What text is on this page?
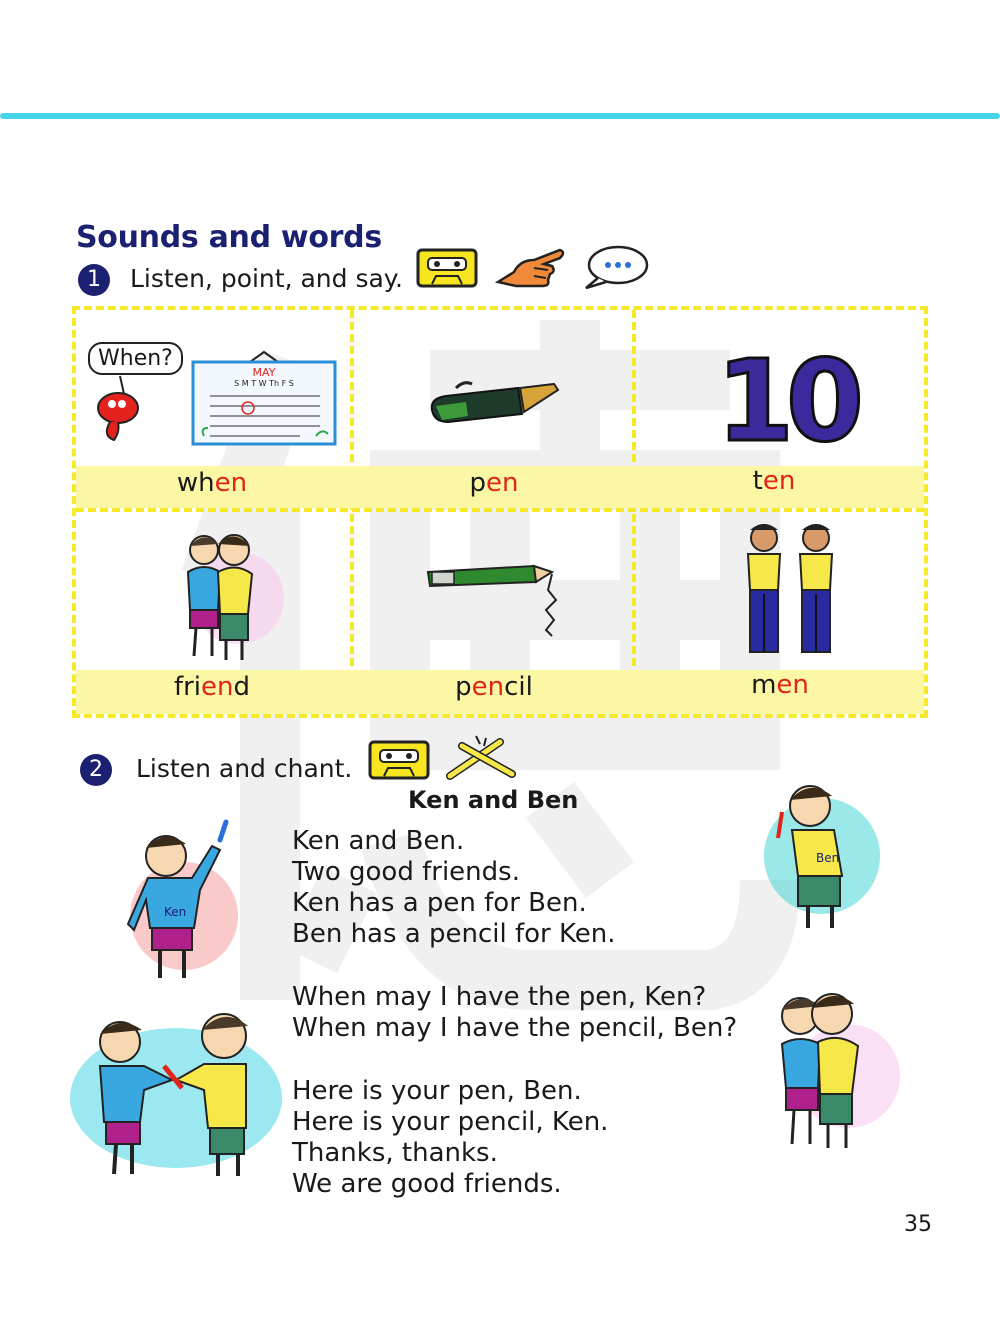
Sounds and words
1	Listen, point, and say.
When?
MAY
S M T W Th F S	10
when	pen	ten
friend	pencil	men
2	Listen and chant.
Ken and Ben
Ken
Ben
Ken and Ben.
Two good friends.
Ken has a pen for Ben.
Ben has a pencil for Ken.
When may I have the pen, Ken?
When may I have the pencil, Ben?
Here is your pen, Ben.
Here is your pencil, Ken.
Thanks, thanks.
We are good friends.
35
